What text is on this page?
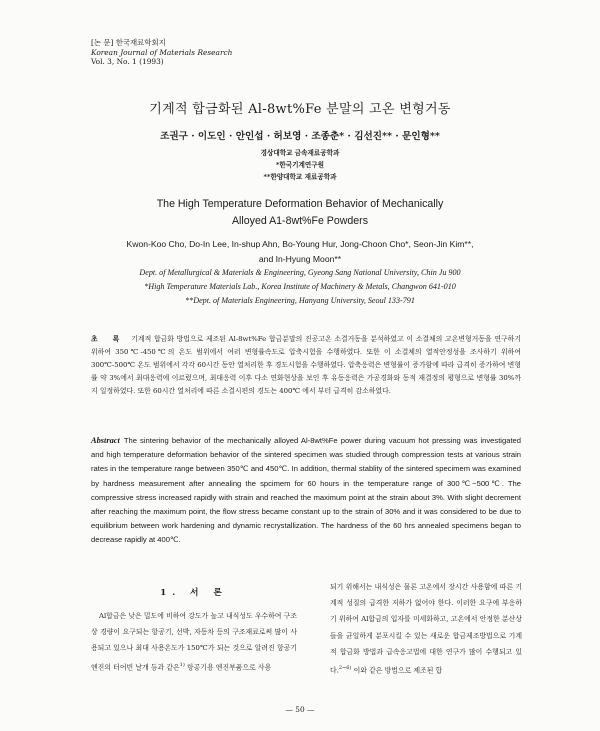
[논 문] 한국재료학회지
Korean Journal of Materials Research
Vol. 3, No. 1 (1993)
기계적 합금화된 Al-8wt%Fe 분말의 고온 변형거동
조권구 · 이도인 · 안인섭 · 허보영 · 조종춘* · 김선진** · 문인형**
경상대학교 금속재료공학과
*한국기계연구원
**한양대학교 재료공학과
The High Temperature Deformation Behavior of Mechanically
Alloyed A1-8wt%Fe Powders
Kwon-Koo Cho, Do-In Lee, In-shup Ahn, Bo-Young Hur, Jong-Choon Cho*, Seon-Jin Kim**,
and In-Hyung Moon**
Dept. of Metallurgical & Materials & Engineering, Gyeong Sang National University, Chin Ju 900
*High Temperature Materials Lab., Korea Institute of Machinery & Metals, Changwon 641-010
**Dept. of Materials Engineering, Hanyang University, Seoul 133-791
초 록 기계적 합금화 방법으로 제조된 Al-8wt%Fe 합금분말의 진공고온 소결거동을 분석하였고 이 소결체의 고온변형거동을 연구하기 위하여 350℃-450℃의 온도 범위에서 여러 변형률속도로 압축시험을 수행하였다. 또한 이 소결체의 열적안정성을 조사하기 위하여 300℃-500℃ 온도 범위에서 각각 60시간 동안 열처리한 후 경도시험을 수행하였다. 압축응력은 변형률이 증가함에 따라 급격히 증가하여 변형률 약 3%에서 최대응력에 이르렀으며, 최대응력 이후 다소 연화현상을 보인 후 유동응력은 가공경화와 동적 재결정의 평형으로 변형률 30%까지 일정하였다. 또한 60시간 열처리에 따른 소결시편의 경도는 400℃ 에서 부터 급격히 감소하였다.
Abstract The sintering behavior of the mechanically alloyed Al-8wt%Fe power during vacuum hot pressing was investigated and high temperature deformation behavior of the sintered specimen was studied through compression tests at various strain rates in the temperature range between 350℃ and 450℃. In addition, thermal stablity of the sintered specimem was examined by hardness measurement after annealing the spcimem for 60 hours in the temperature range of 300℃~500℃. The compressive stress increased rapidly with strain and reached the maximum point at the strain about 3%. With slight decrement after reaching the maximum point, the flow stress became constant up to the strain of 30% and it was considered to be due to equilibrium between work hardening and dynamic recrystallization. The hardness of the 60 hrs annealed specimens began to decrease rapidly at 400℃.
1. 서 론
Al합금은 낮은 밀도에 비하여 강도가 높고 내식성도 우수하여 구조상 경량이 요구되는 항공기, 선박, 자동차 등의 구조재료로써 많이 사용되고 있으나 최대 사용온도가 150℃가 되는 것으로 알려진 항공기 엔진의 터어빈 날개 등과 같은$^{1)}$ 항공기용 엔진부품으로 사용
되기 위해서는 내식성은 물론 고온에서 장시간 사용함에 따른 기계적 성질의 급격한 저하가 없어야 한다. 이러한 요구에 부응하기 위하여 Al합금의 입자를 미세화하고, 고온에서 안정한 분산상들을 균일하게 분포시킬 수 있는 새로운 합금제조방법으로 기계적 합금화 방법과 급속응고법에 대한 연구가 많이 수행되고 있다.$^{2\sim 6)}$ 이와 같은 방법으로 제조된 합
— 50 —
